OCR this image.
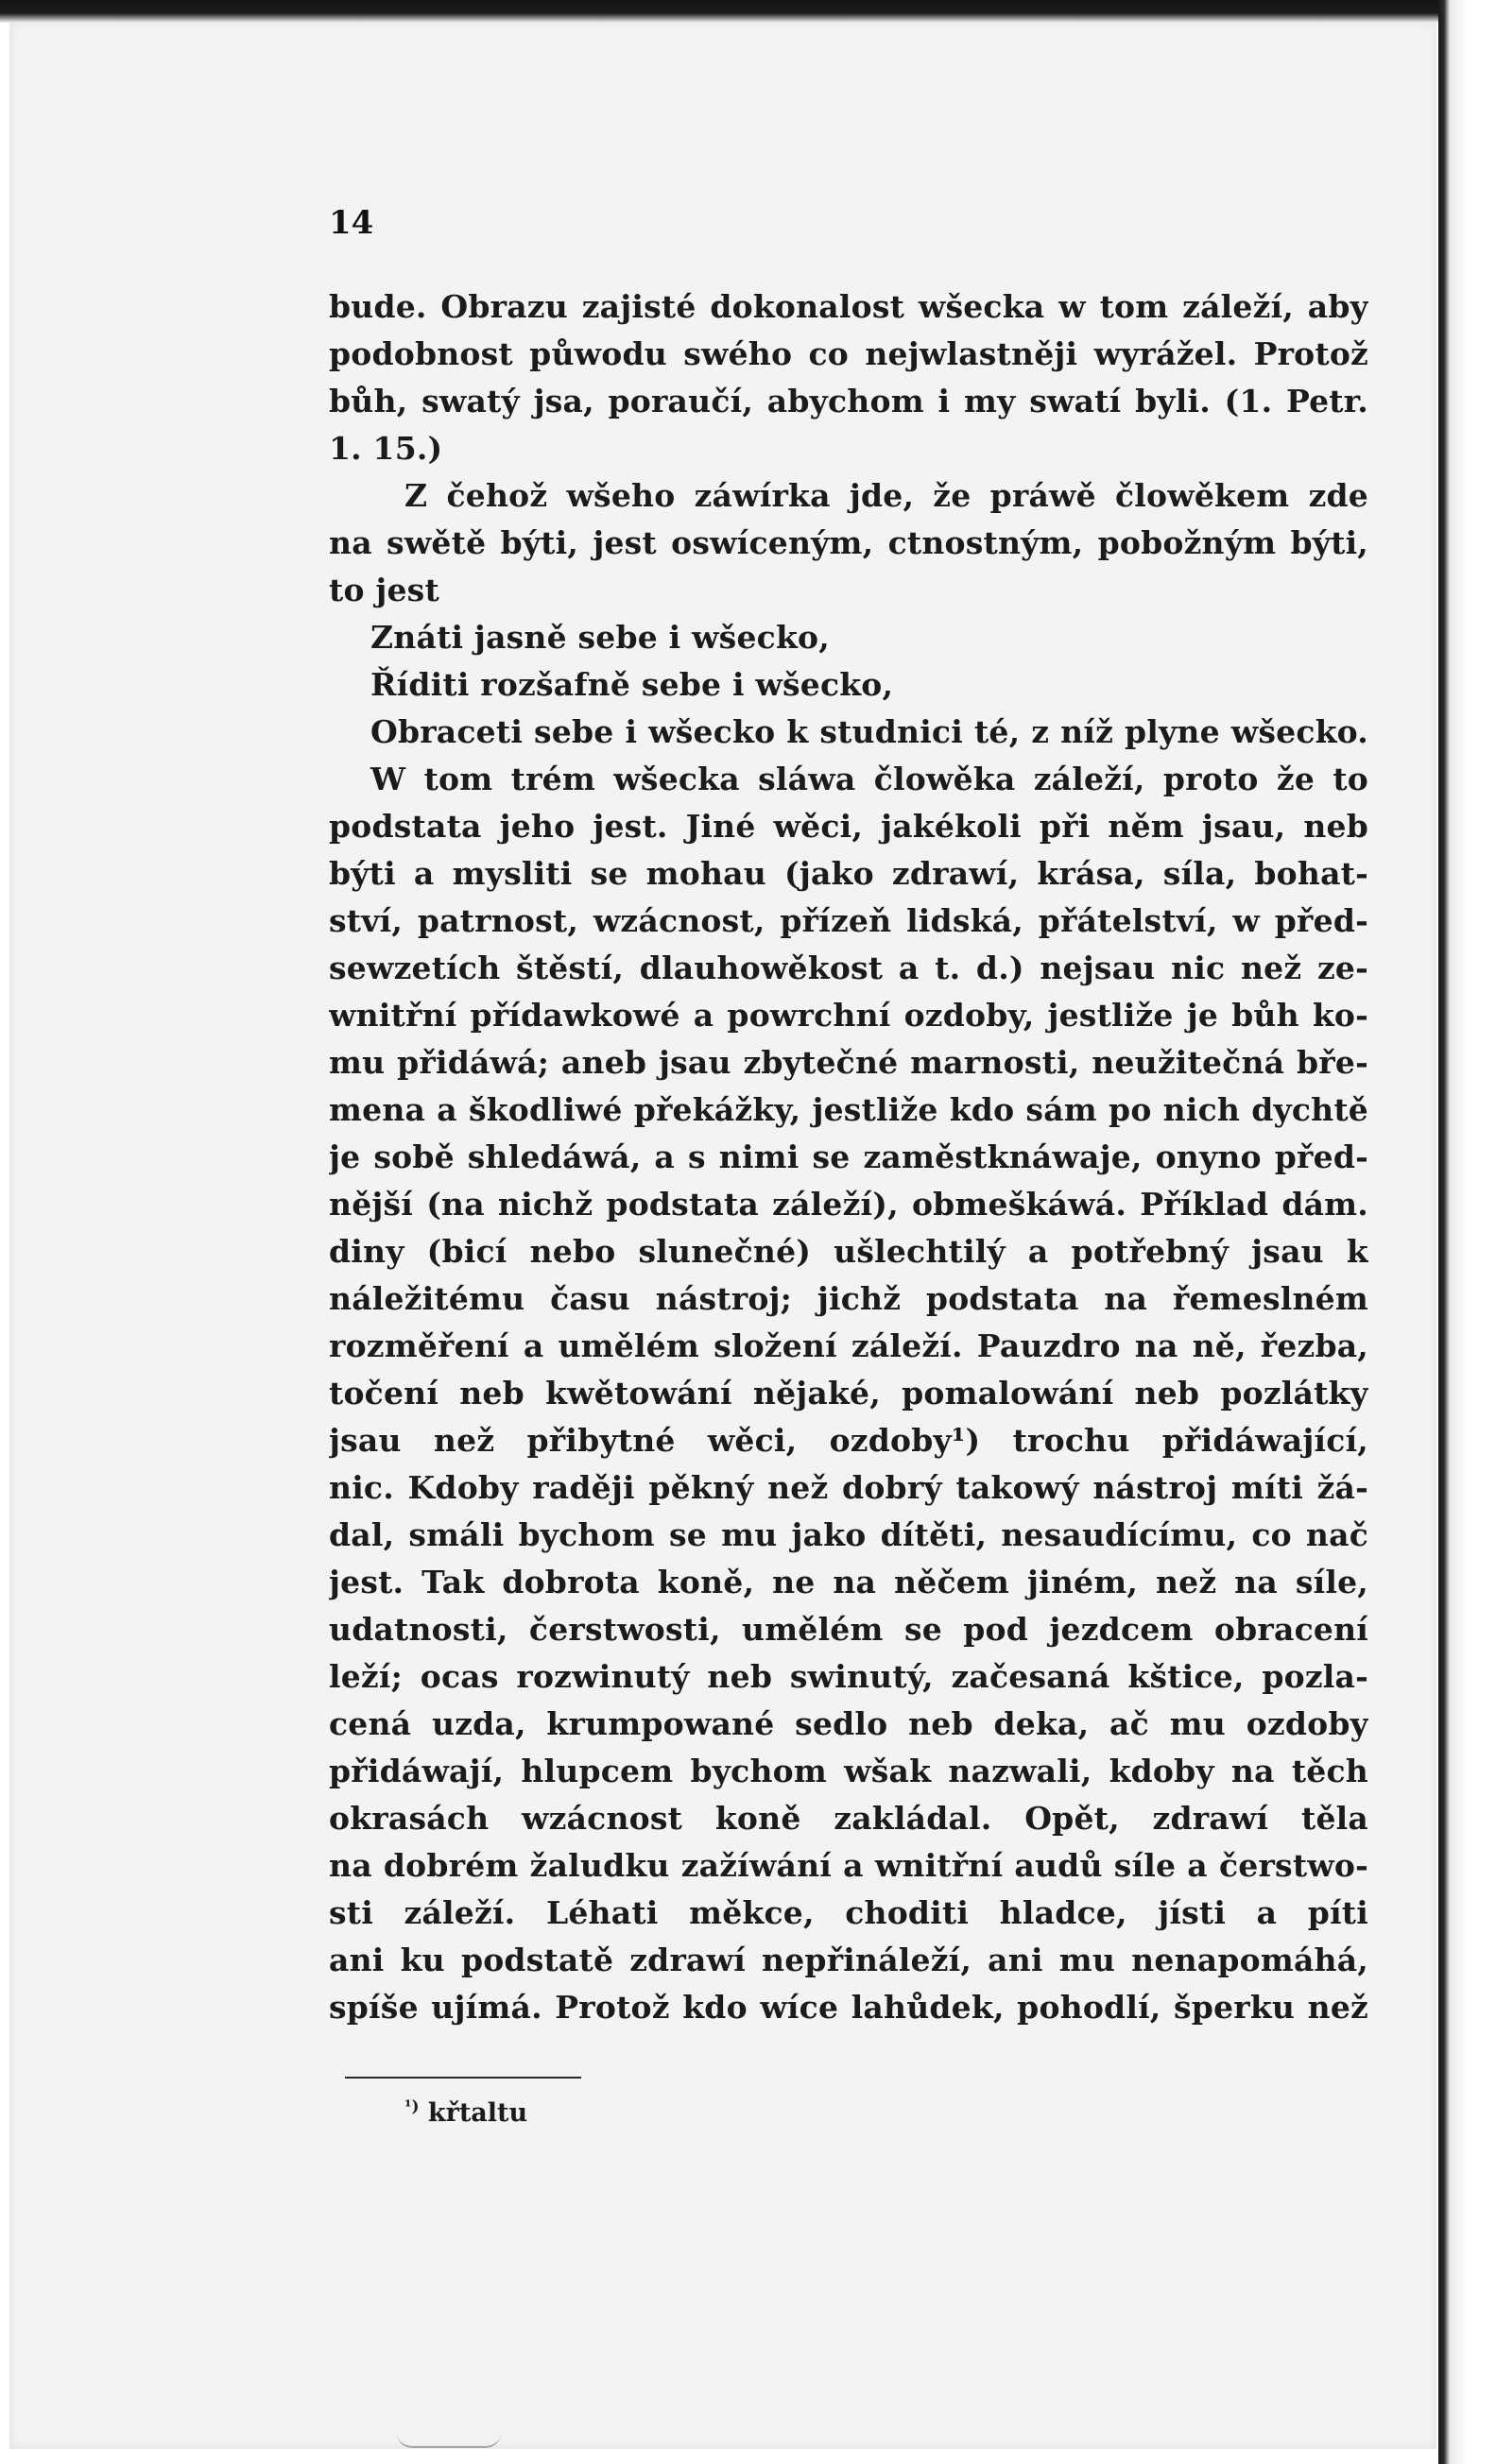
14
bude. Obrazu zajisté dokonalost wšecka w tom záleží, aby
podobnost půwodu swého co nejwlastněji wyrážel. Protož
bůh, swatý jsa, poraučí, abychom i my swatí byli. (1. Petr.
1. 15.)
Z čehož wšeho záwírka jde, že práwě člowěkem zde
na swětě býti, jest oswíceným, ctnostným, pobožným býti,
to jest
Znáti jasně sebe i wšecko,
Říditi rozšafně sebe i wšecko,
Obraceti sebe i wšecko k studnici té, z níž plyne wšecko.
W tom trém wšecka sláwa člowěka záleží, proto že to
podstata jeho jest. Jiné wěci, jakékoli při něm jsau, neb
býti a mysliti se mohau (jako zdrawí, krása, síla, bohat-
ství, patrnost, wzácnost, přízeň lidská, přátelství, w před-
sewzetích štěstí, dlauhowěkost a t. d.) nejsau nic než ze-
wnitřní přídawkowé a powrchní ozdoby, jestliže je bůh ko-
mu přidáwá; aneb jsau zbytečné marnosti, neužitečná bře-
mena a škodliwé překážky, jestliže kdo sám po nich dychtě
je sobě shledáwá, a s nimi se zaměstknáwaje, onyno před-
nější (na nichž podstata záleží), obmeškáwá. Příklad dám.
diny (bicí nebo slunečné) ušlechtilý a potřebný jsau k
náležitému času nástroj; jichž podstata na řemeslném
rozměření a umělém složení záleží. Pauzdro na ně, řezba,
točení neb kwětowání nějaké, pomalowání neb pozlátky
jsau než přibytné wěci, ozdoby¹) trochu přidáwající,
nic. Kdoby raději pěkný než dobrý takowý nástroj míti žá-
dal, smáli bychom se mu jako dítěti, nesaudícímu, co nač
jest. Tak dobrota koně, ne na něčem jiném, než na síle,
udatnosti, čerstwosti, umělém se pod jezdcem obracení
leží; ocas rozwinutý neb swinutý, začesaná kštice, pozla-
cená uzda, krumpowané sedlo neb deka, ač mu ozdoby
přidáwají, hlupcem bychom wšak nazwali, kdoby na těch
okrasách wzácnost koně zakládal. Opět, zdrawí těla
na dobrém žaludku zažíwání a wnitřní audů síle a čerstwo-
sti záleží. Léhati měkce, choditi hladce, jísti a píti
ani ku podstatě zdrawí nepřináleží, ani mu nenapomáhá,
spíše ujímá. Protož kdo wíce lahůdek, pohodlí, šperku než
$^{^1)}$ křtaltu
